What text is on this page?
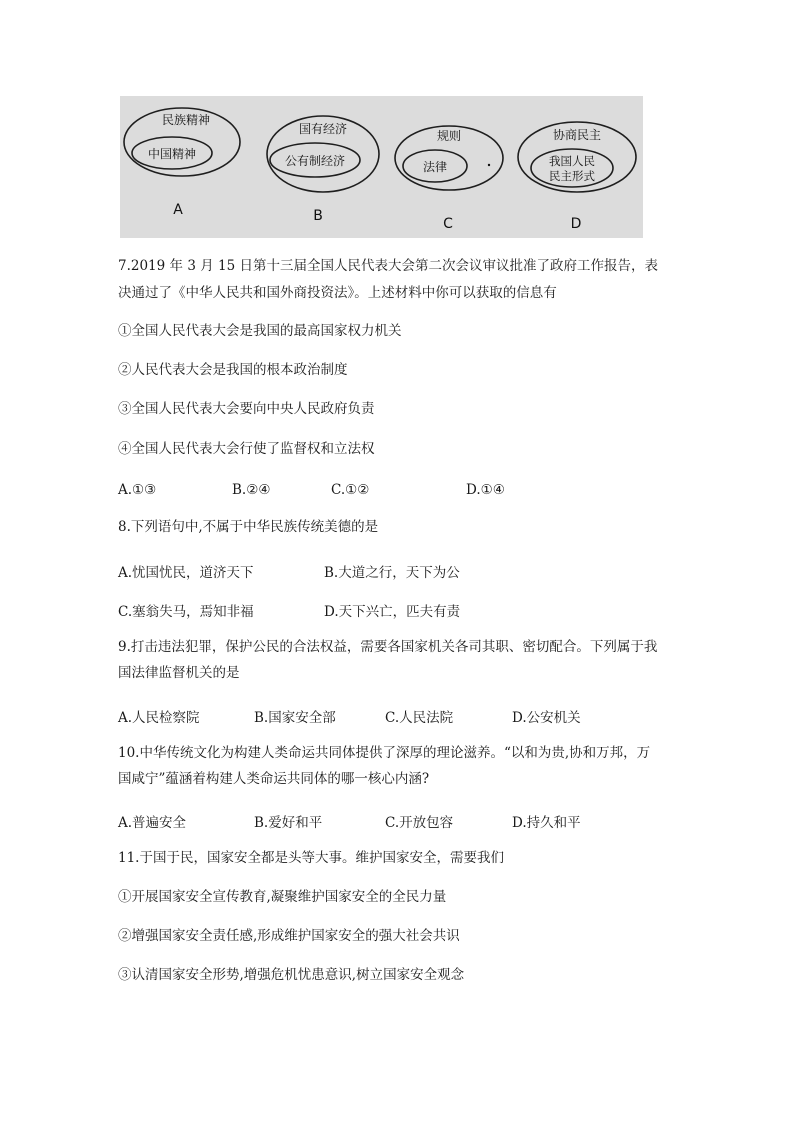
民族精神
中国精神
A
国有经济
公有制经济
B
规则
法律
C
协商民主
我国人民
民主形式
D
7.2019 年 3 月 15 日第十三届全国人民代表大会第二次会议审议批准了政府工作报告，表
决通过了《中华人民共和国外商投资法》。上述材料中你可以获取的信息有
①全国人民代表大会是我国的最高国家权力机关
②人民代表大会是我国的根本政治制度
③全国人民代表大会要向中央人民政府负责
④全国人民代表大会行使了监督权和立法权
A.①③	B.②④	C.①②	D.①④
8.下列语句中,不属于中华民族传统美德的是
A.忧国忧民，道济天下	B.大道之行，天下为公
C.塞翁失马，焉知非福	D.天下兴亡，匹夫有责
9.打击违法犯罪，保护公民的合法权益，需要各国家机关各司其职、密切配合。下列属于我
国法律监督机关的是
A.人民检察院	B.国家安全部	C.人民法院	D.公安机关
10.中华传统文化为构建人类命运共同体提供了深厚的理论滋养。“以和为贵,协和万邦，万
国咸宁”蕴涵着构建人类命运共同体的哪一核心内涵?
A.普遍安全	B.爱好和平	C.开放包容	D.持久和平
11.于国于民，国家安全都是头等大事。维护国家安全，需要我们
①开展国家安全宣传教育,凝聚维护国家安全的全民力量
②增强国家安全责任感,形成维护国家安全的强大社会共识
③认清国家安全形势,增强危机忧患意识,树立国家安全观念
